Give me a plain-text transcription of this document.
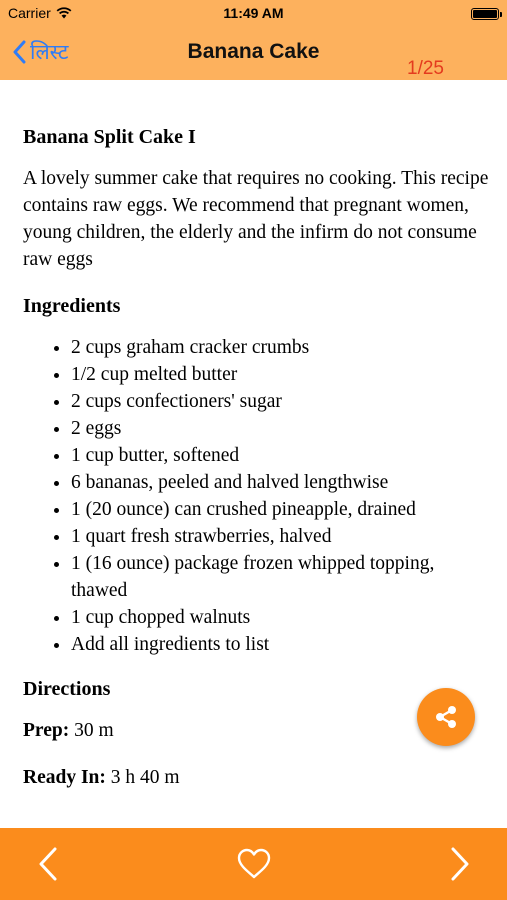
Carrier	11:49 AM
लिस्ट	Banana Cake
1/25
Banana Split Cake I

A lovely summer cake that requires no cooking. This recipe contains raw eggs. We recommend that pregnant women, young children, the elderly and the infirm do not consume raw eggs

Ingredients
• 2 cups graham cracker crumbs
• 1/2 cup melted butter
• 2 cups confectioners' sugar
• 2 eggs
• 1 cup butter, softened
• 6 bananas, peeled and halved lengthwise
• 1 (20 ounce) can crushed pineapple, drained
• 1 quart fresh strawberries, halved
• 1 (16 ounce) package frozen whipped topping, thawed
• 1 cup chopped walnuts
• Add all ingredients to list
Directions

Prep: 30 m

Ready In: 3 h 40 m
